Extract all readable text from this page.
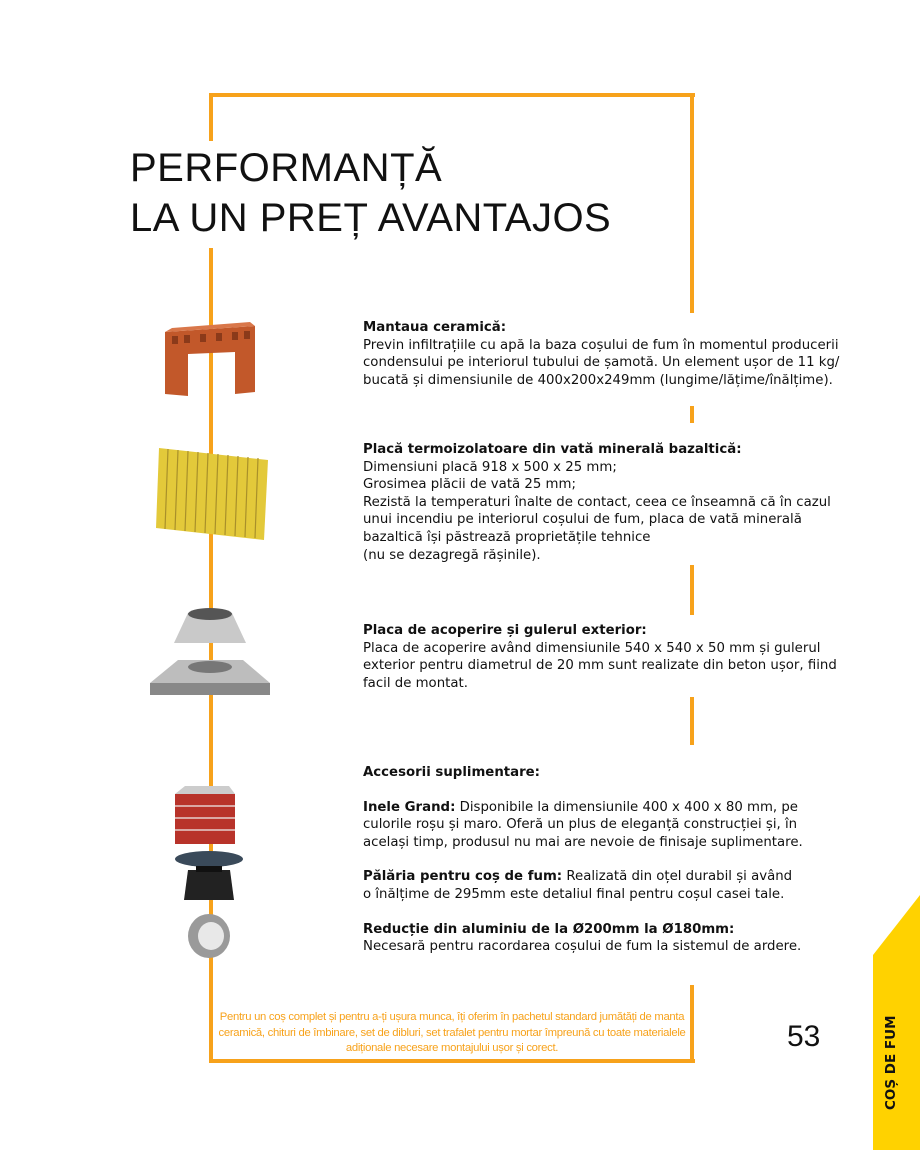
PERFORMANȚĂ
LA UN PREȚ AVANTAJOS

Mantaua ceramică:

Previn infiltrațiile cu apă la baza coșului de fum în momentul producerii

condensului pe interiorul tubului de șamotă. Un element ușor de 11 kg/

bucată și dimensiunile de 400x200x249mm (lungime/lățime/înălțime).

Placă termoizolatoare din vată minerală bazaltică:

Dimensiuni placă 918 x 500 x 25 mm;

Grosimea plăcii de vată 25 mm;

Rezistă la temperaturi înalte de contact, ceea ce înseamnă că în cazul

unui incendiu pe interiorul coșului de fum, placa de vată minerală

bazaltică își păstrează proprietățile tehnice

(nu se dezagregă rășinile).

Placa de acoperire și gulerul exterior:

Placa de acoperire având dimensiunile 540 x 540 x 50 mm și gulerul

exterior pentru diametrul de 20 mm sunt realizate din beton ușor, fiind

facil de montat.

Accesorii suplimentare:

Inele Grand: Disponibile la dimensiunile 400 x 400 x 80 mm, pe culorile roșu și maro. Oferă un plus de eleganță construcției și, în același timp, produsul nu mai are nevoie de finisaje suplimentare.

Pălăria pentru coș de fum: Realizată din oțel durabil și având o înălțime de 295mm este detaliul final pentru coșul casei tale.

Reducție din aluminiu de la Ø200mm la Ø180mm:
Necesară pentru racordarea coșului de fum la sistemul de ardere.

Pentru un coș complet și pentru a-ți ușura munca, îți oferim în pachetul standard jumătăți de manta ceramică, chituri de îmbinare, set de dibluri, set trafalet pentru mortar împreună cu toate materialele adiționale necesare montajului ușor și corect.	53	COȘ DE FUM
